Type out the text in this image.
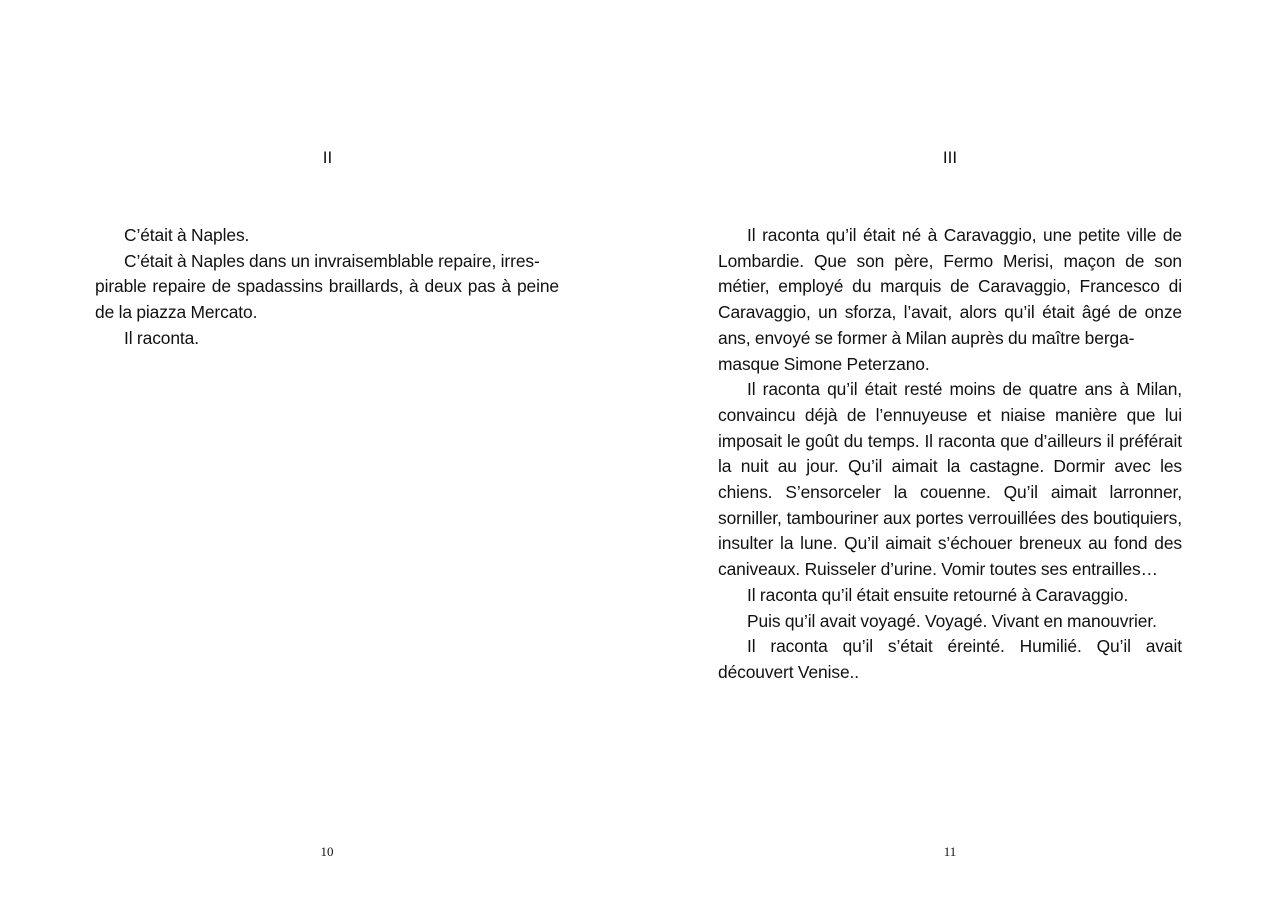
II

C’était à Naples.

C’était à Naples dans un invraisemblable repaire, irres-
pirable repaire de spadassins braillards, à deux pas à peine de la piazza Mercato.

Il raconta.

10
III

Il raconta qu’il était né à Caravaggio, une petite ville de Lombardie. Que son père, Fermo Merisi, maçon de son métier, employé du marquis de Caravaggio, Francesco di Caravaggio, un sforza, l’avait, alors qu’il était âgé de onze ans, envoyé se former à Milan auprès du maître berga-
masque Simone Peterzano.

Il raconta qu’il était resté moins de quatre ans à Milan, convaincu déjà de l’ennuyeuse et niaise manière que lui imposait le goût du temps. Il raconta que d’ailleurs il préférait la nuit au jour. Qu’il aimait la castagne. Dormir avec les chiens. S’ensorceler la couenne. Qu’il aimait larronner, sorniller, tambouriner aux portes verrouillées des boutiquiers, insulter la lune. Qu’il aimait s’échouer breneux au fond des caniveaux. Ruisseler d’urine. Vomir toutes ses entrailles…

Il raconta qu’il était ensuite retourné à Caravaggio.

Puis qu’il avait voyagé. Voyagé. Vivant en manouvrier.

Il raconta qu’il s’était éreinté. Humilié. Qu’il avait découvert Venise..

11
